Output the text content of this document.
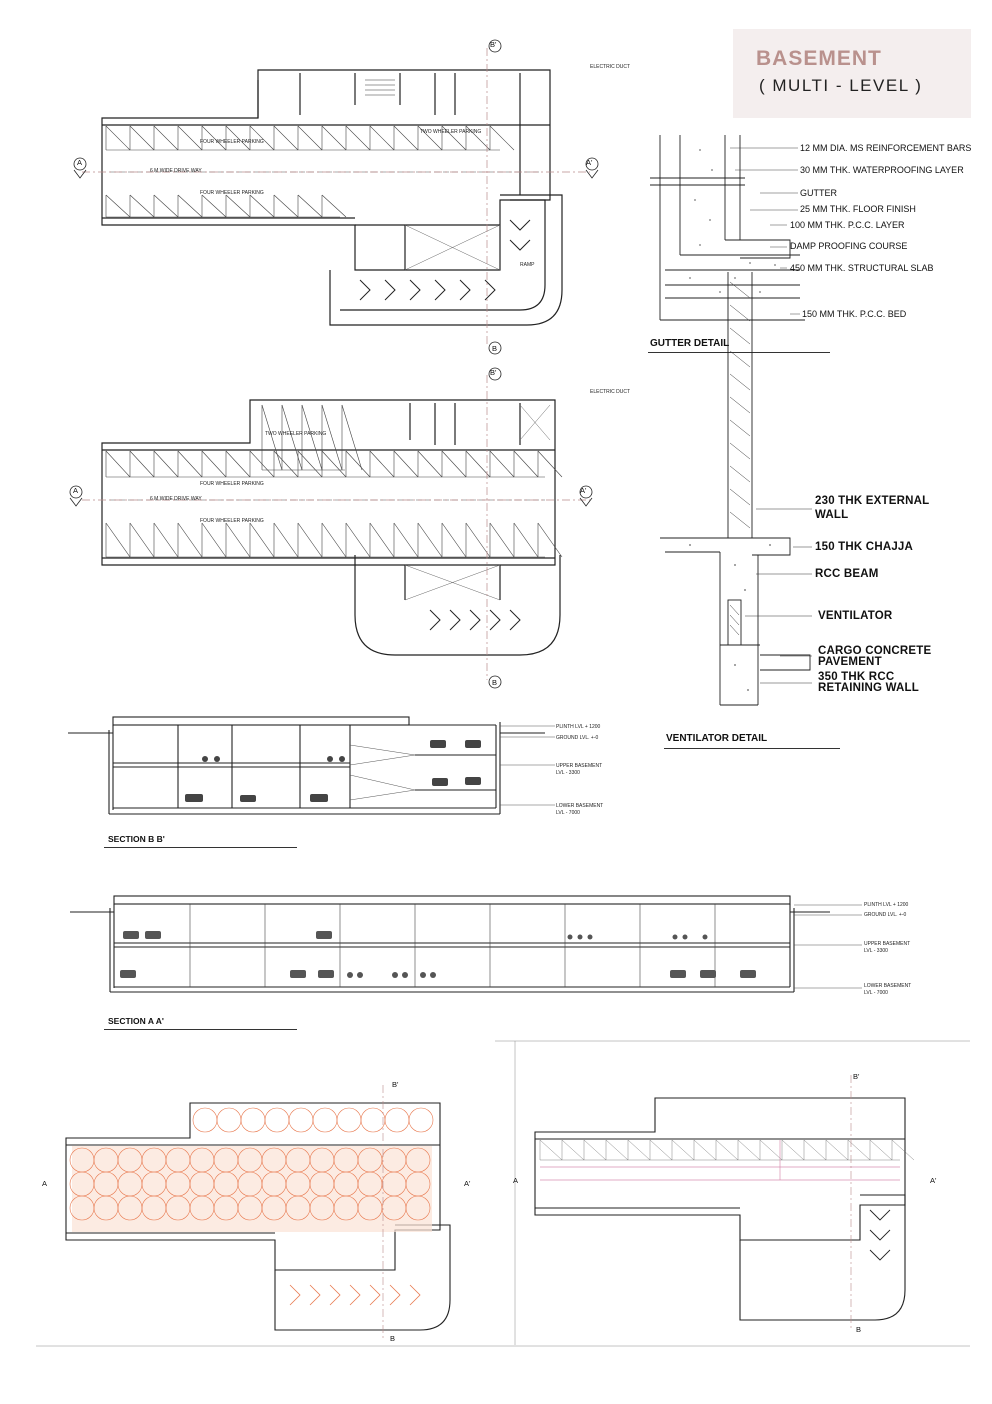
BASEMENT
( MULTI - LEVEL )
B'
B
A	A'
FOUR WHEELER PARKING
FOUR WHEELER PARKING
6 M WIDE DRIVE WAY
TWO WHEELER PARKING
RAMP
ELECTRIC DUCT
B'
B
A	A'
FOUR WHEELER PARKING
FOUR WHEELER PARKING
6 M WIDE DRIVE WAY
TWO WHEELER PARKING
ELECTRIC DUCT
12 MM DIA. MS REINFORCEMENT BARS
30 MM THK. WATERPROOFING LAYER
GUTTER
25 MM THK. FLOOR FINISH
100 MM THK. P.C.C. LAYER
DAMP PROOFING COURSE
450 MM THK. STRUCTURAL SLAB
150 MM THK. P.C.C. BED
GUTTER DETAIL
230 THK EXTERNAL
WALL
150 THK CHAJJA
RCC BEAM
VENTILATOR
CARGO CONCRETE
PAVEMENT
350 THK RCC
RETAINING WALL
VENTILATOR DETAIL
PLINTH LVL + 1200
GROUND LVL. +-0
UPPER BASEMENT
LVL - 3300
LOWER BASEMENT
LVL - 7000
SECTION B B'
PLINTH LVL + 1200
GROUND LVL. +-0
UPPER BASEMENT
LVL - 3300
LOWER BASEMENT
LVL - 7000
SECTION A A'
A	A'
B'
B
A	A'
B'
B
